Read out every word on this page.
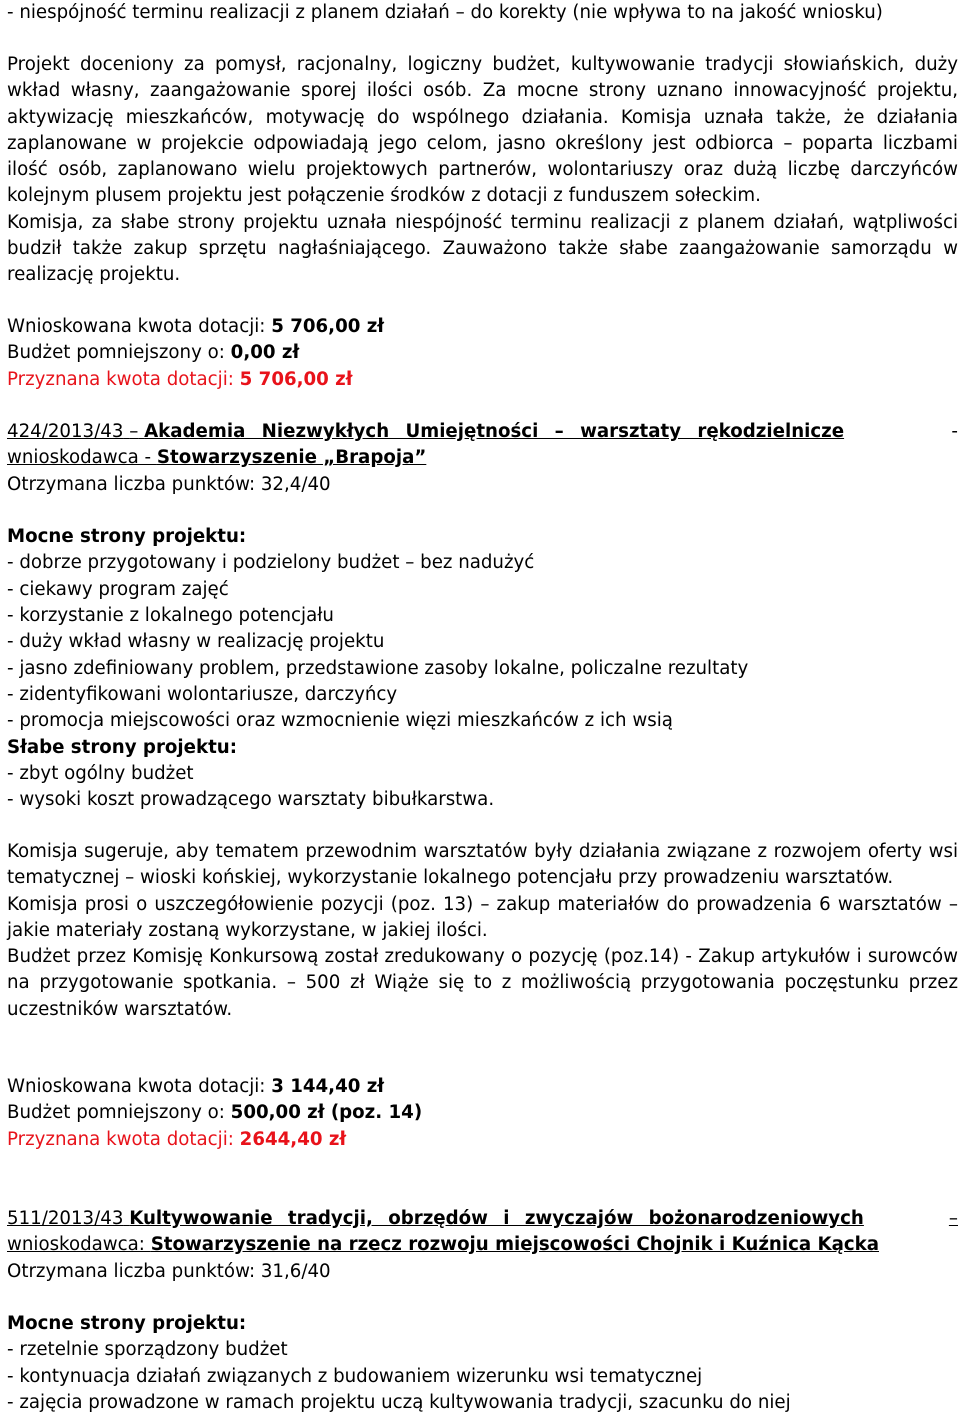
- niespójność terminu realizacji z planem działań – do korekty (nie wpływa to na jakość wniosku)

Projekt doceniony za pomysł, racjonalny, logiczny budżet, kultywowanie tradycji słowiańskich, duży wkład własny, zaangażowanie sporej ilości osób. Za mocne strony uznano innowacyjność projektu, aktywizację mieszkańców, motywację do wspólnego działania. Komisja uznała także, że działania zaplanowane w projekcie odpowiadają jego celom, jasno określony jest odbiorca – poparta liczbami ilość osób, zaplanowano wielu projektowych partnerów, wolontariuszy oraz dużą liczbę darczyńców kolejnym plusem projektu jest połączenie środków z dotacji z funduszem sołeckim.

Komisja, za słabe strony projektu uznała niespójność terminu realizacji z planem działań, wątpliwości budził także zakup sprzętu nagłaśniającego. Zauważono także słabe zaangażowanie samorządu w realizację projektu.

Wnioskowana kwota dotacji: 5 706,00 zł

Budżet pomniejszony o: 0,00 zł

Przyznana kwota dotacji: 5 706,00 zł

424/2013/43 – Akademia Niezwykłych Umiejętności – warsztaty rękodzielnicze	-

wnioskodawca - Stowarzyszenie „Brapoja”

Otrzymana liczba punktów: 32,4/40

Mocne strony projektu:

- dobrze przygotowany i podzielony budżet – bez nadużyć

- ciekawy program zajęć

- korzystanie z lokalnego potencjału

- duży wkład własny w realizację projektu

- jasno zdefiniowany problem, przedstawione zasoby lokalne, policzalne rezultaty

- zidentyfikowani wolontariusze, darczyńcy

- promocja miejscowości oraz wzmocnienie więzi mieszkańców z ich wsią

Słabe strony projektu:

- zbyt ogólny budżet

- wysoki koszt prowadzącego warsztaty bibułkarstwa.

Komisja sugeruje, aby tematem przewodnim warsztatów były działania związane z rozwojem oferty wsi tematycznej – wioski końskiej, wykorzystanie lokalnego potencjału przy prowadzeniu warsztatów.

Komisja prosi o uszczegółowienie pozycji (poz. 13) – zakup materiałów do prowadzenia 6 warsztatów – jakie materiały zostaną wykorzystane, w jakiej ilości.

Budżet przez Komisję Konkursową został zredukowany o pozycję (poz.14) - Zakup artykułów i surowców na przygotowanie spotkania. – 500 zł Wiąże się to z możliwością przygotowania poczęstunku przez uczestników warsztatów.

Wnioskowana kwota dotacji: 3 144,40 zł

Budżet pomniejszony o: 500,00 zł (poz. 14)

Przyznana kwota dotacji: 2644,40 zł

511/2013/43 Kultywowanie tradycji, obrzędów i zwyczajów bożonarodzeniowych	–

wnioskodawca: Stowarzyszenie na rzecz rozwoju miejscowości Chojnik i Kuźnica Kącka

Otrzymana liczba punktów: 31,6/40

Mocne strony projektu:

- rzetelnie sporządzony budżet

- kontynuacja działań związanych z budowaniem wizerunku wsi tematycznej

- zajęcia prowadzone w ramach projektu uczą kultywowania tradycji, szacunku do niej
